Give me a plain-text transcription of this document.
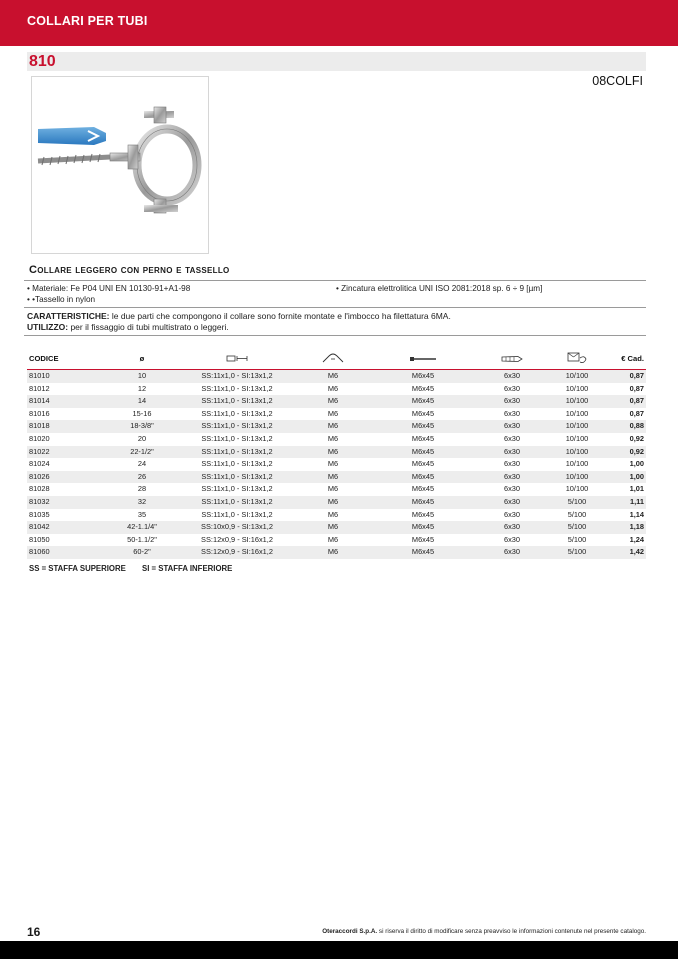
COLLARI PER TUBI
810
08COLFI
Collare leggero con perno e tassello
• Materiale: Fe P04 UNI EN 10130-91+A1-98
• •Tassello in nylon
• Zincatura elettrolitica UNI ISO 2081:2018 sp. 6 ÷ 9 [µm]
CARATTERISTICHE: le due parti che compongono il collare sono fornite montate e l'imbocco ha filettatura 6MA.
UTILIZZO: per il fissaggio di tubi multistrato o leggeri.
CODICE	ø						€ Cad.
81010	10	SS:11x1,0 - SI:13x1,2	M6	M6x45	6x30	10/100	0,87
81012	12	SS:11x1,0 - SI:13x1,2	M6	M6x45	6x30	10/100	0,87
81014	14	SS:11x1,0 - SI:13x1,2	M6	M6x45	6x30	10/100	0,87
81016	15-16	SS:11x1,0 - SI:13x1,2	M6	M6x45	6x30	10/100	0,87
81018	18-3/8"	SS:11x1,0 - SI:13x1,2	M6	M6x45	6x30	10/100	0,88
81020	20	SS:11x1,0 - SI:13x1,2	M6	M6x45	6x30	10/100	0,92
81022	22-1/2"	SS:11x1,0 - SI:13x1,2	M6	M6x45	6x30	10/100	0,92
81024	24	SS:11x1,0 - SI:13x1,2	M6	M6x45	6x30	10/100	1,00
81026	26	SS:11x1,0 - SI:13x1,2	M6	M6x45	6x30	10/100	1,00
81028	28	SS:11x1,0 - SI:13x1,2	M6	M6x45	6x30	10/100	1,01
81032	32	SS:11x1,0 - SI:13x1,2	M6	M6x45	6x30	5/100	1,11
81035	35	SS:11x1,0 - SI:13x1,2	M6	M6x45	6x30	5/100	1,14
81042	42-1.1/4"	SS:10x0,9 - SI:13x1,2	M6	M6x45	6x30	5/100	1,18
81050	50-1.1/2"	SS:12x0,9 - SI:16x1,2	M6	M6x45	6x30	5/100	1,24
81060	60-2"	SS:12x0,9 - SI:16x1,2	M6	M6x45	6x30	5/100	1,42
SS = STAFFA SUPERIORE SI = STAFFA INFERIORE
16	Oteraccordi S.p.A. si riserva il diritto di modificare senza preavviso le informazioni contenute nel presente catalogo.
